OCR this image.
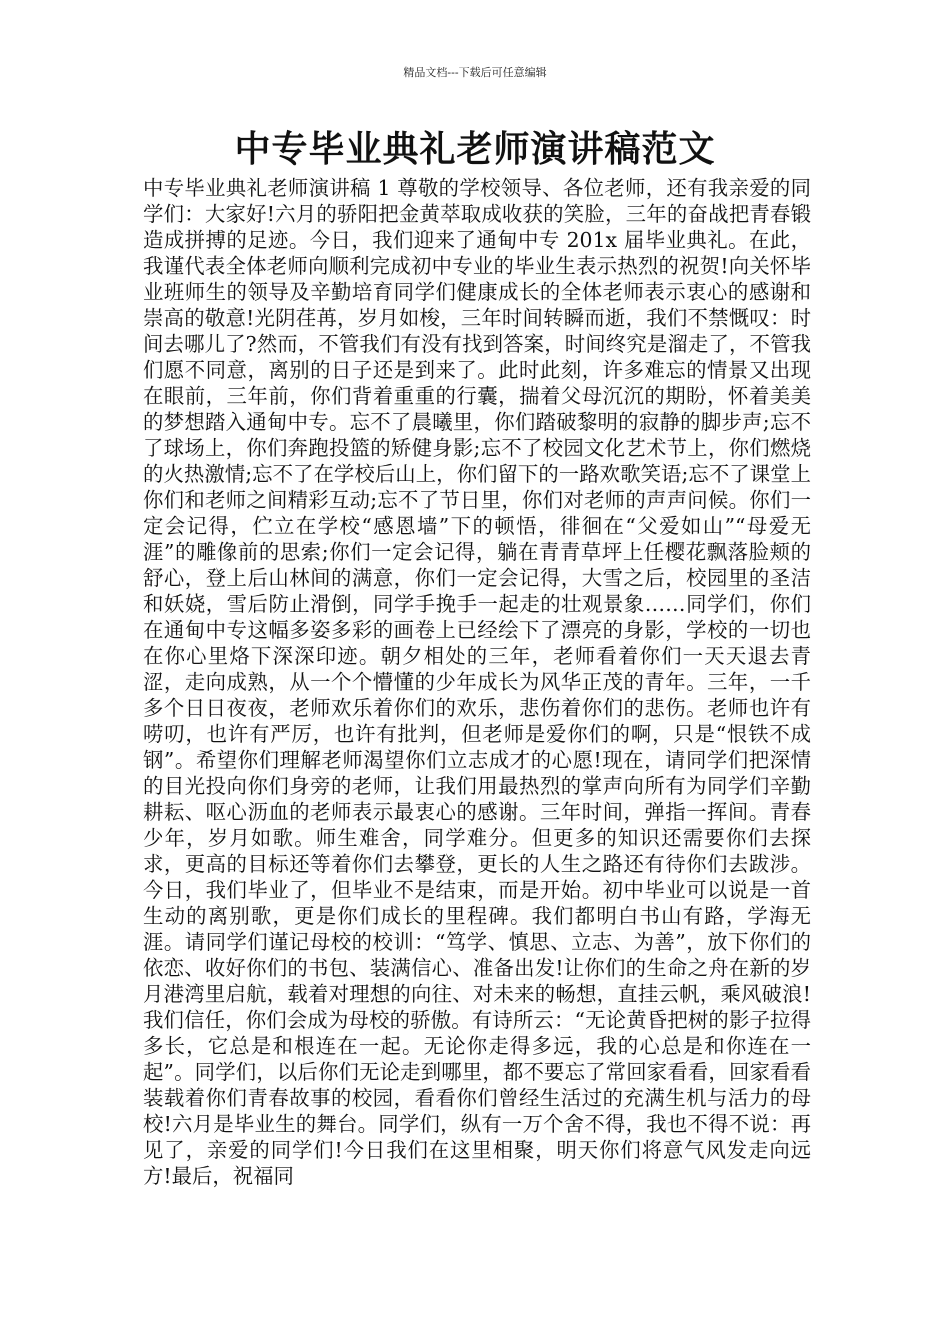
精品文档---下载后可任意编辑
中专毕业典礼老师演讲稿范文
中专毕业典礼老师演讲稿 1 尊敬的学校领导、各位老师，还有我亲爱的同学们：大家好!六月的骄阳把金黄萃取成收获的笑脸，三年的奋战把青春锻造成拼搏的足迹。今日，我们迎来了通甸中专 201x 届毕业典礼。在此，我谨代表全体老师向顺利完成初中专业的毕业生表示热烈的祝贺!向关怀毕业班师生的领导及辛勤培育同学们健康成长的全体老师表示衷心的感谢和崇高的敬意!光阴荏苒，岁月如梭，三年时间转瞬而逝，我们不禁慨叹：时间去哪儿了?然而，不管我们有没有找到答案，时间终究是溜走了，不管我们愿不同意，离别的日子还是到来了。此时此刻，许多难忘的情景又出现在眼前，三年前，你们背着重重的行囊，揣着父母沉沉的期盼，怀着美美的梦想踏入通甸中专。忘不了晨曦里，你们踏破黎明的寂静的脚步声;忘不了球场上，你们奔跑投篮的矫健身影;忘不了校园文化艺术节上，你们燃烧的火热激情;忘不了在学校后山上，你们留下的一路欢歌笑语;忘不了课堂上你们和老师之间精彩互动;忘不了节日里，你们对老师的声声问候。你们一定会记得，伫立在学校“感恩墙”下的顿悟，徘徊在“父爱如山”“母爱无涯”的雕像前的思索;你们一定会记得，躺在青青草坪上任樱花飘落脸颊的舒心，登上后山林间的满意，你们一定会记得，大雪之后，校园里的圣洁和妖娆，雪后防止滑倒，同学手挽手一起走的壮观景象……同学们，你们在通甸中专这幅多姿多彩的画卷上已经绘下了漂亮的身影，学校的一切也在你心里烙下深深印迹。朝夕相处的三年，老师看着你们一天天退去青涩，走向成熟，从一个个懵懂的少年成长为风华正茂的青年。三年，一千多个日日夜夜，老师欢乐着你们的欢乐，悲伤着你们的悲伤。老师也许有唠叨，也许有严厉，也许有批判，但老师是爱你们的啊，只是“恨铁不成钢”。希望你们理解老师渴望你们立志成才的心愿!现在，请同学们把深情的目光投向你们身旁的老师，让我们用最热烈的掌声向所有为同学们辛勤耕耘、呕心沥血的老师表示最衷心的感谢。三年时间，弹指一挥间。青春少年，岁月如歌。师生难舍，同学难分。但更多的知识还需要你们去探求，更高的目标还等着你们去攀登，更长的人生之路还有待你们去跋涉。今日，我们毕业了，但毕业不是结束，而是开始。初中毕业可以说是一首生动的离别歌，更是你们成长的里程碑。我们都明白书山有路，学海无涯。请同学们谨记母校的校训：“笃学、慎思、立志、为善”，放下你们的依恋、收好你们的书包、装满信心、准备出发!让你们的生命之舟在新的岁月港湾里启航，载着对理想的向往、对未来的畅想，直挂云帆，乘风破浪!我们信任，你们会成为母校的骄傲。有诗所云：“无论黄昏把树的影子拉得多长，它总是和根连在一起。无论你走得多远，我的心总是和你连在一起”。同学们，以后你们无论走到哪里，都不要忘了常回家看看，回家看看装载着你们青春故事的校园，看看你们曾经生活过的充满生机与活力的母校!六月是毕业生的舞台。同学们，纵有一万个舍不得，我也不得不说：再见了，亲爱的同学们!今日我们在这里相聚，明天你们将意气风发走向远方!最后，祝福同
